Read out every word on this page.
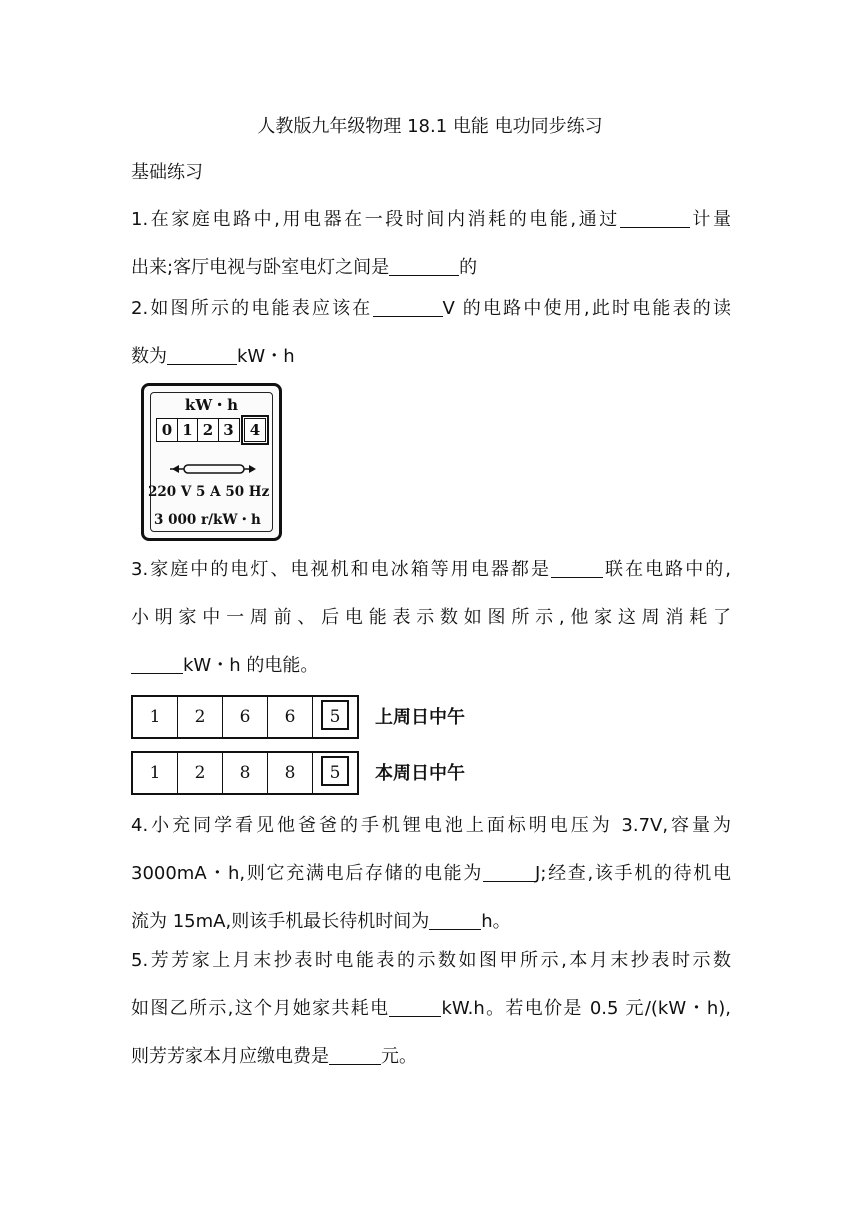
人教版九年级物理 18.1 电能 电功同步练习
基础练习
1.在家庭电路中,用电器在一段时间内消耗的电能,通过	计量
出来;客厅电视与卧室电灯之间是	的
2.如图所示的电能表应该在	V 的电路中使用,此时电能表的读
数为	kW・h
kW・h
0 1 2 3 4
220 V 5 A 50 Hz
3 000 r/kW・h
3.家庭中的电灯、电视机和电冰箱等用电器都是	联在电路中的,
小明家中一周前、后电能表示数如图所示,他家这周消耗了
kW・h 的电能。
1	2	6	6	5	上周日中午
1	2	8	8	5	本周日中午
4.小充同学看见他爸爸的手机锂电池上面标明电压为 3.7V,容量为
3000mA・h,则它充满电后存储的电能为	J;经查,该手机的待机电
流为 15mA,则该手机最长待机时间为	h。
5.芳芳家上月末抄表时电能表的示数如图甲所示,本月末抄表时示数
如图乙所示,这个月她家共耗电	kW.h。若电价是 0.5 元/(kW・h),
则芳芳家本月应缴电费是	元。
